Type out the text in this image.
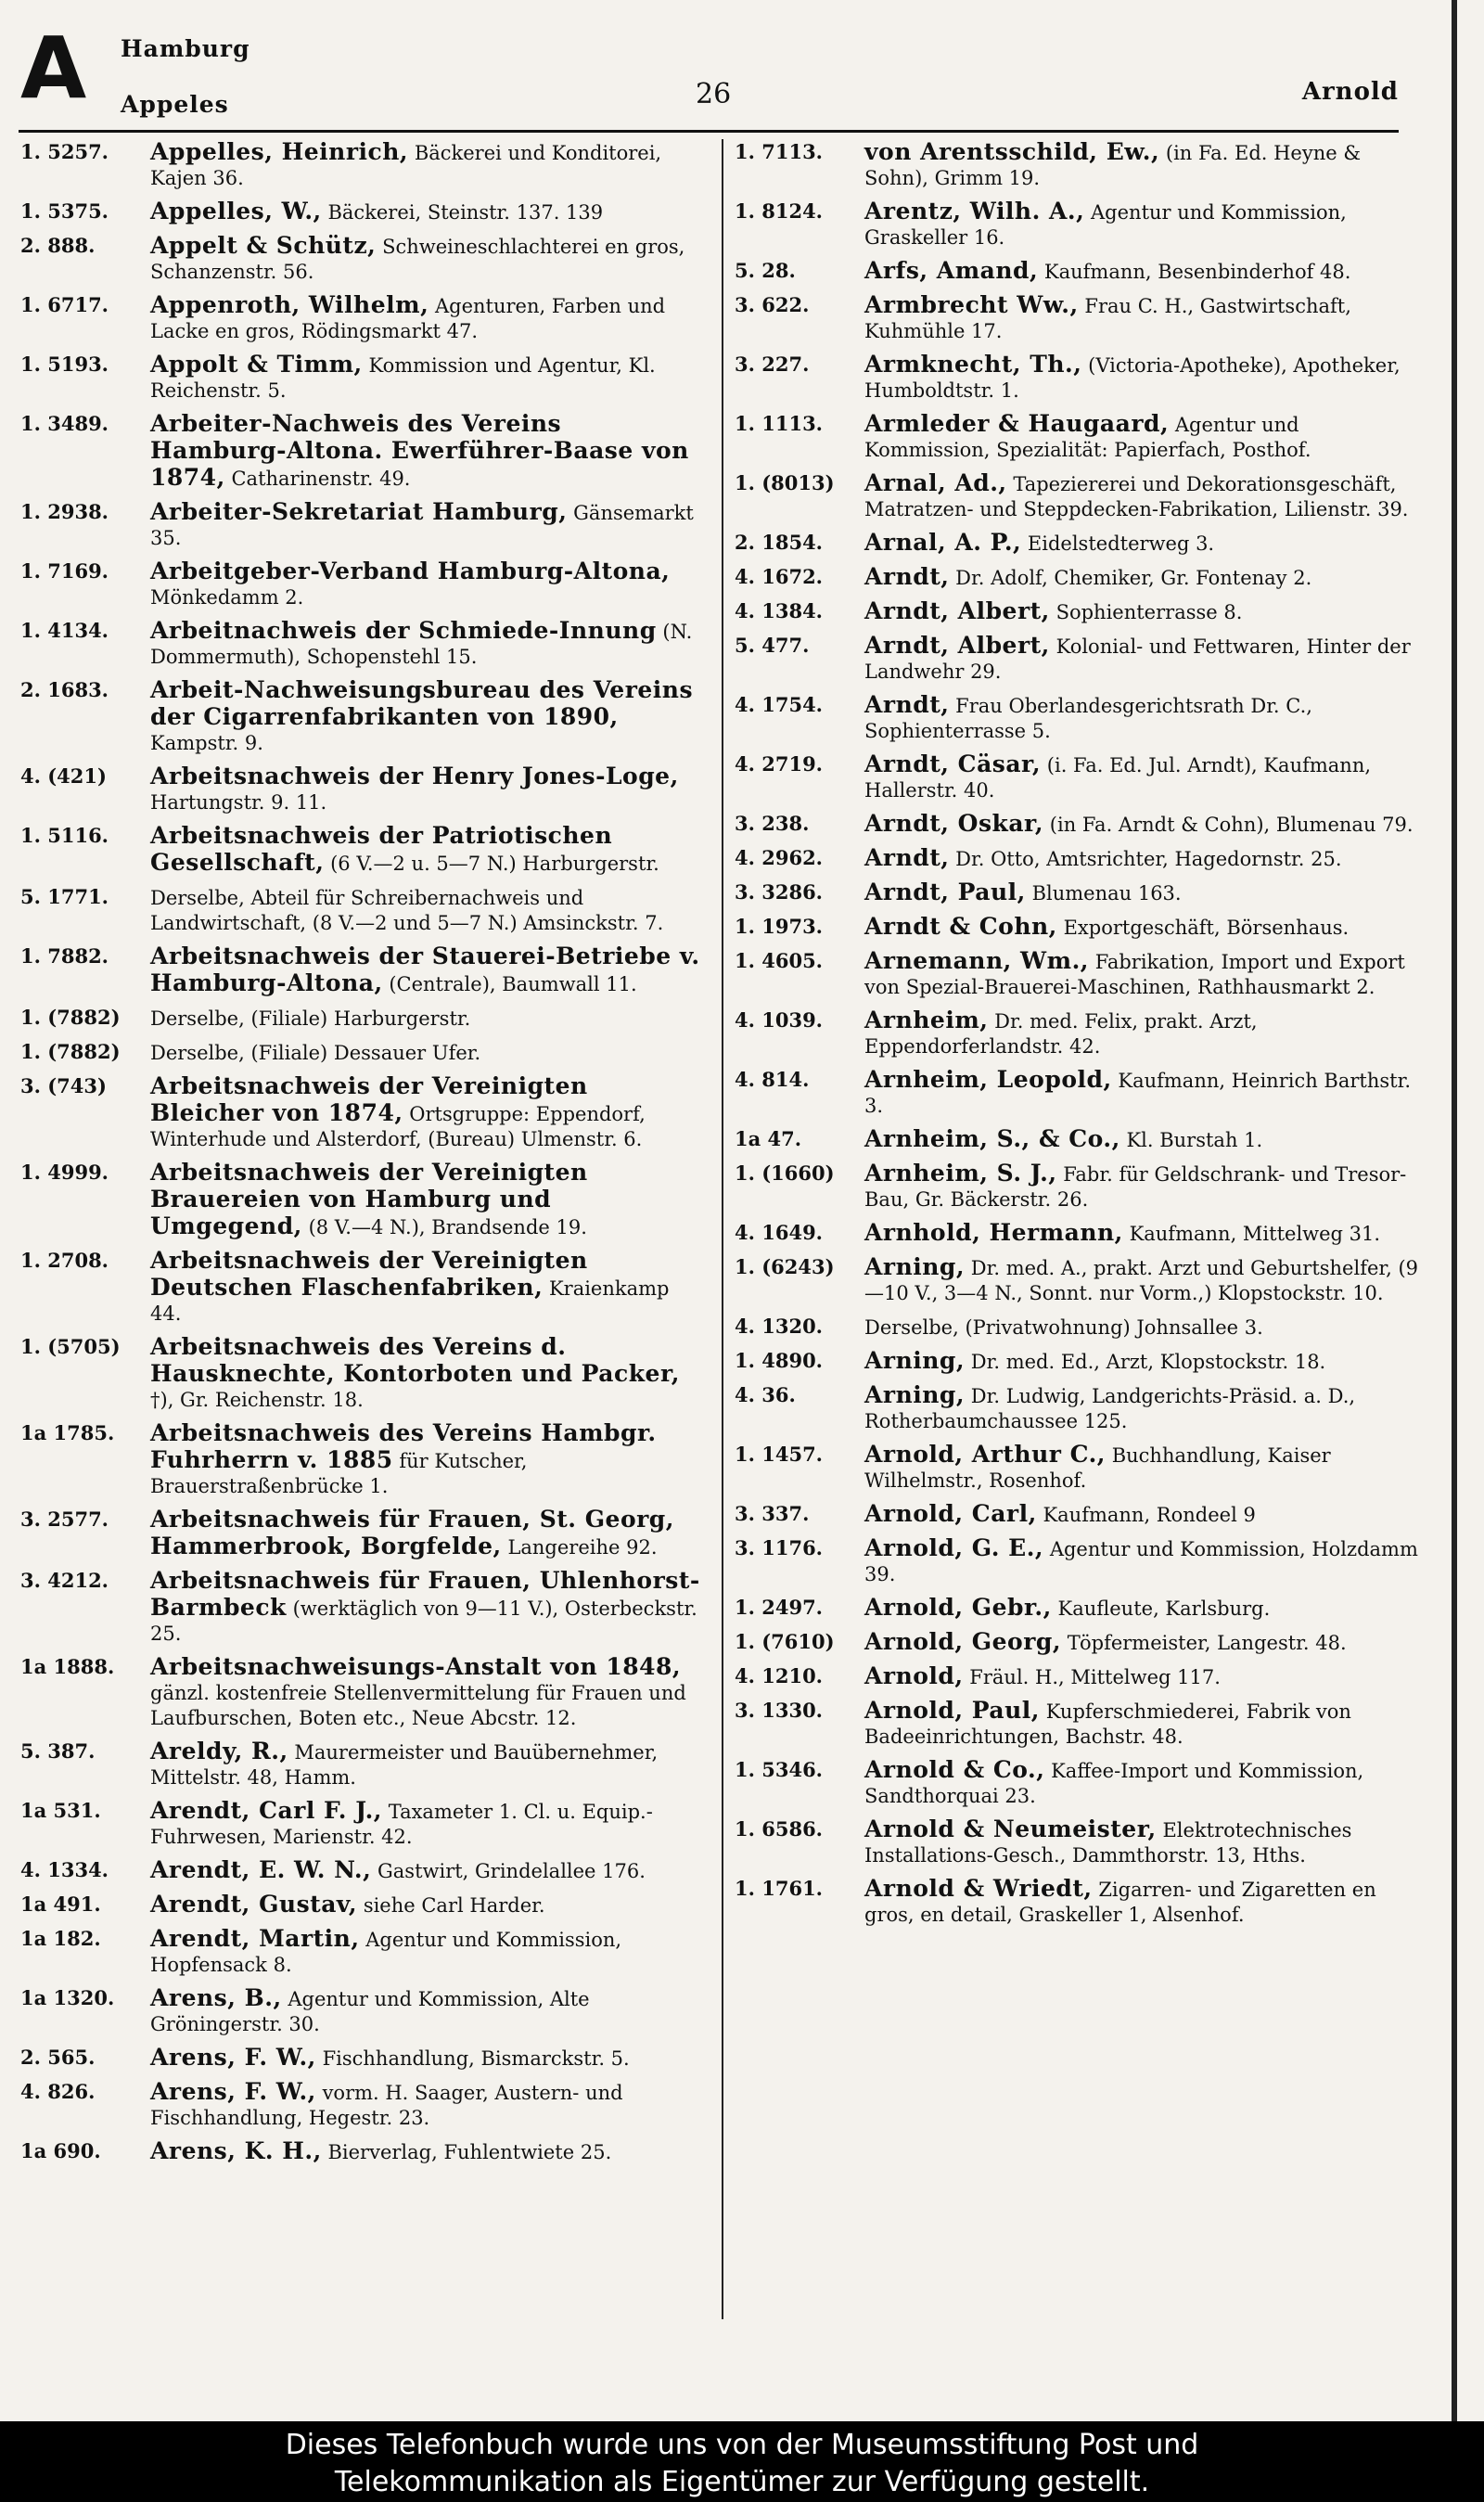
A Hamburg
Appeles	26	Arnold
1. 5257.	Appelles, Heinrich, Bäckerei und Konditorei, Kajen 36.
1. 5375.	Appelles, W., Bäckerei, Steinstr. 137. 139
2. 888.	Appelt & Schütz, Schweineschlachterei en gros, Schanzenstr. 56.
1. 6717.	Appenroth, Wilhelm, Agenturen, Farben und Lacke en gros, Rödingsmarkt 47.
1. 5193.	Appolt & Timm, Kommission und Agentur, Kl. Reichenstr. 5.
1. 3489.	Arbeiter-Nachweis des Vereins Hamburg-Altona. Ewerführer-Baase von 1874, Catharinenstr. 49.
1. 2938.	Arbeiter-Sekretariat Hamburg, Gänsemarkt 35.
1. 7169.	Arbeitgeber-Verband Hamburg-Altona, Mönkedamm 2.
1. 4134.	Arbeitnachweis der Schmiede-Innung (N. Dommermuth), Schopenstehl 15.
2. 1683.	Arbeit-Nachweisungsbureau des Vereins der Cigarrenfabrikanten von 1890, Kampstr. 9.
4. (421)	Arbeitsnachweis der Henry Jones-Loge, Hartungstr. 9. 11.
1. 5116.	Arbeitsnachweis der Patriotischen Gesellschaft, (6 V.—2 u. 5—7 N.) Harburgerstr.
5. 1771.	Derselbe, Abteil für Schreibernachweis und Landwirtschaft, (8 V.—2 und 5—7 N.) Amsinckstr. 7.
1. 7882.	Arbeitsnachweis der Stauerei-Betriebe v. Hamburg-Altona, (Centrale), Baumwall 11.
1. (7882)	Derselbe, (Filiale) Harburgerstr.
1. (7882)	Derselbe, (Filiale) Dessauer Ufer.
3. (743)	Arbeitsnachweis der Vereinigten Bleicher von 1874, Ortsgruppe: Eppendorf, Winterhude und Alsterdorf, (Bureau) Ulmenstr. 6.
1. 4999.	Arbeitsnachweis der Vereinigten Brauereien von Hamburg und Umgegend, (8 V.—4 N.), Brandsende 19.
1. 2708.	Arbeitsnachweis der Vereinigten Deutschen Flaschenfabriken, Kraienkamp 44.
1. (5705)	Arbeitsnachweis des Vereins d. Hausknechte, Kontorboten und Packer, †), Gr. Reichenstr. 18.
1a 1785.	Arbeitsnachweis des Vereins Hambgr. Fuhrherrn v. 1885 für Kutscher, Brauerstraßenbrücke 1.
3. 2577.	Arbeitsnachweis für Frauen, St. Georg, Hammerbrook, Borgfelde, Langereihe 92.
3. 4212.	Arbeitsnachweis für Frauen, Uhlenhorst-Barmbeck (werktäglich von 9—11 V.), Osterbeckstr. 25.
1a 1888.	Arbeitsnachweisungs-Anstalt von 1848, gänzl. kostenfreie Stellenvermittelung für Frauen und Laufburschen, Boten etc., Neue Abcstr. 12.
5. 387.	Areldy, R., Maurermeister und Bauübernehmer, Mittelstr. 48, Hamm.
1a 531.	Arendt, Carl F. J., Taxameter 1. Cl. u. Equip.-Fuhrwesen, Marienstr. 42.
4. 1334.	Arendt, E. W. N., Gastwirt, Grindelallee 176.
1a 491.	Arendt, Gustav, siehe Carl Harder.
1a 182.	Arendt, Martin, Agentur und Kommission, Hopfensack 8.
1a 1320.	Arens, B., Agentur und Kommission, Alte Gröningerstr. 30.
2. 565.	Arens, F. W., Fischhandlung, Bismarckstr. 5.
4. 826.	Arens, F. W., vorm. H. Saager, Austern- und Fischhandlung, Hegestr. 23.
1a 690.	Arens, K. H., Bierverlag, Fuhlentwiete 25.
1. 7113.	von Arentsschild, Ew., (in Fa. Ed. Heyne & Sohn), Grimm 19.
1. 8124.	Arentz, Wilh. A., Agentur und Kommission, Graskeller 16.
5. 28.	Arfs, Amand, Kaufmann, Besenbinderhof 48.
3. 622.	Armbrecht Ww., Frau C. H., Gastwirtschaft, Kuhmühle 17.
3. 227.	Armknecht, Th., (Victoria-Apotheke), Apotheker, Humboldtstr. 1.
1. 1113.	Armleder & Haugaard, Agentur und Kommission, Spezialität: Papierfach, Posthof.
1. (8013)	Arnal, Ad., Tapeziererei und Dekorationsgeschäft, Matratzen- und Steppdecken-Fabrikation, Lilienstr. 39.
2. 1854.	Arnal, A. P., Eidelstedterweg 3.
4. 1672.	Arndt, Dr. Adolf, Chemiker, Gr. Fontenay 2.
4. 1384.	Arndt, Albert, Sophienterrasse 8.
5. 477.	Arndt, Albert, Kolonial- und Fettwaren, Hinter der Landwehr 29.
4. 1754.	Arndt, Frau Oberlandesgerichtsrath Dr. C., Sophienterrasse 5.
4. 2719.	Arndt, Cäsar, (i. Fa. Ed. Jul. Arndt), Kaufmann, Hallerstr. 40.
3. 238.	Arndt, Oskar, (in Fa. Arndt & Cohn), Blumenau 79.
4. 2962.	Arndt, Dr. Otto, Amtsrichter, Hagedornstr. 25.
3. 3286.	Arndt, Paul, Blumenau 163.
1. 1973.	Arndt & Cohn, Exportgeschäft, Börsenhaus.
1. 4605.	Arnemann, Wm., Fabrikation, Import und Export von Spezial-Brauerei-Maschinen, Rathhausmarkt 2.
4. 1039.	Arnheim, Dr. med. Felix, prakt. Arzt, Eppendorferlandstr. 42.
4. 814.	Arnheim, Leopold, Kaufmann, Heinrich Barthstr. 3.
1a 47.	Arnheim, S., & Co., Kl. Burstah 1.
1. (1660)	Arnheim, S. J., Fabr. für Geldschrank- und Tresor-Bau, Gr. Bäckerstr. 26.
4. 1649.	Arnhold, Hermann, Kaufmann, Mittelweg 31.
1. (6243)	Arning, Dr. med. A., prakt. Arzt und Geburtshelfer, (9—10 V., 3—4 N., Sonnt. nur Vorm.,) Klopstockstr. 10.
4. 1320.	Derselbe, (Privatwohnung) Johnsallee 3.
1. 4890.	Arning, Dr. med. Ed., Arzt, Klopstockstr. 18.
4. 36.	Arning, Dr. Ludwig, Landgerichts-Präsid. a. D., Rotherbaumchaussee 125.
1. 1457.	Arnold, Arthur C., Buchhandlung, Kaiser Wilhelmstr., Rosenhof.
3. 337.	Arnold, Carl, Kaufmann, Rondeel 9
3. 1176.	Arnold, G. E., Agentur und Kommission, Holzdamm 39.
1. 2497.	Arnold, Gebr., Kaufleute, Karlsburg.
1. (7610)	Arnold, Georg, Töpfermeister, Langestr. 48.
4. 1210.	Arnold, Fräul. H., Mittelweg 117.
3. 1330.	Arnold, Paul, Kupferschmiederei, Fabrik von Badeeinrichtungen, Bachstr. 48.
1. 5346.	Arnold & Co., Kaffee-Import und Kommission, Sandthorquai 23.
1. 6586.	Arnold & Neumeister, Elektrotechnisches Installations-Gesch., Dammthorstr. 13, Hths.
1. 1761.	Arnold & Wriedt, Zigarren- und Zigaretten en gros, en detail, Graskeller 1, Alsenhof.
Dieses Telefonbuch wurde uns von der Museumsstiftung Post und
Telekommunikation als Eigentümer zur Verfügung gestellt.
